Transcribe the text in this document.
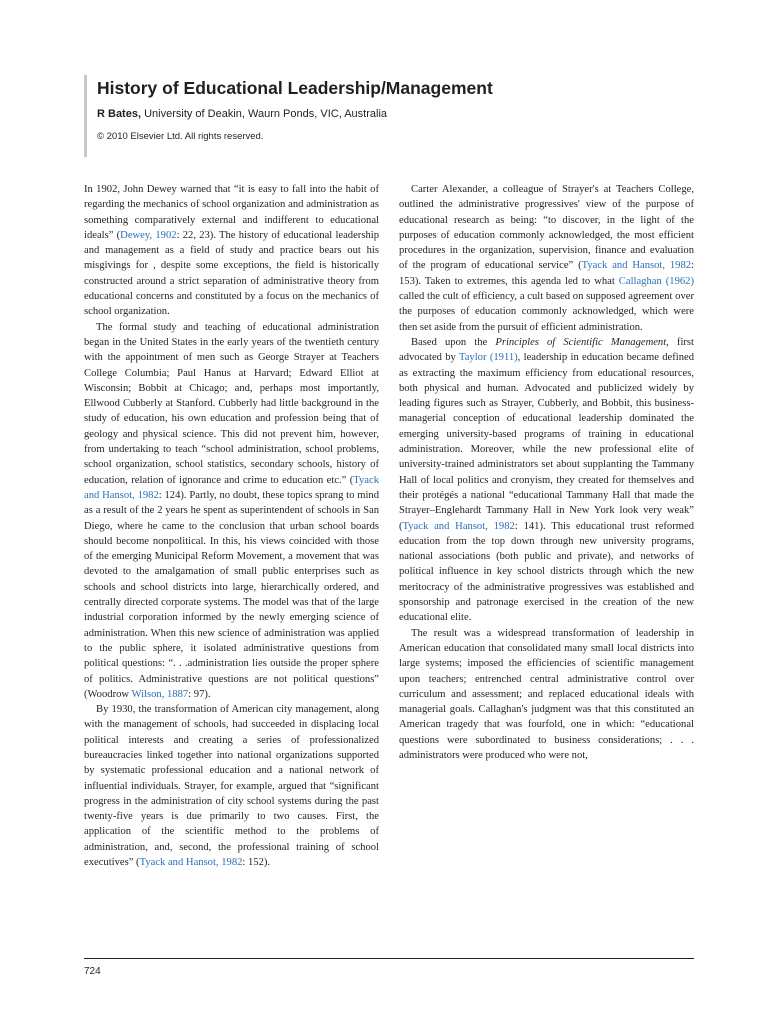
History of Educational Leadership/Management
R Bates, University of Deakin, Waurn Ponds, VIC, Australia
© 2010 Elsevier Ltd. All rights reserved.

In 1902, John Dewey warned that “it is easy to fall into the habit of regarding the mechanics of school organization and administration as something comparatively external and indifferent to educational ideals” (Dewey, 1902: 22, 23). The history of educational leadership and management as a field of study and practice bears out his misgivings for , despite some exceptions, the field is historically constructed around a strict separation of administrative theory from educational concerns and constituted by a focus on the mechanics of school organization.

The formal study and teaching of educational administration began in the United States in the early years of the twentieth century with the appointment of men such as George Strayer at Teachers College Columbia; Paul Hanus at Harvard; Edward Elliot at Wisconsin; Bobbit at Chicago; and, perhaps most importantly, Ellwood Cubberly at Stanford. Cubberly had little background in the study of education, his own education and profession being that of geology and physical science. This did not prevent him, however, from undertaking to teach “school administration, school problems, school organization, school statistics, secondary schools, history of education, relation of ignorance and crime to education etc.” (Tyack and Hansot, 1982: 124). Partly, no doubt, these topics sprang to mind as a result of the 2 years he spent as superintendent of schools in San Diego, where he came to the conclusion that urban school boards should become nonpolitical. In this, his views coincided with those of the emerging Municipal Reform Movement, a movement that was devoted to the amalgamation of small public enterprises such as schools and school districts into large, hierarchically ordered, and centrally directed corporate systems. The model was that of the large industrial corporation informed by the newly emerging science of administration. When this new science of administration was applied to the public sphere, it isolated administrative questions from political questions: “. . .administration lies outside the proper sphere of politics. Administrative questions are not political questions” (Woodrow Wilson, 1887: 97).

By 1930, the transformation of American city management, along with the management of schools, had succeeded in displacing local political interests and creating a series of professionalized bureaucracies linked together into national organizations supported by systematic professional education and a national network of influential individuals. Strayer, for example, argued that “significant progress in the administration of city school systems during the past twenty-five years is due primarily to two causes. First, the application of the scientific method to the problems of administration, and, second, the professional training of school executives” (Tyack and Hansot, 1982: 152).

Carter Alexander, a colleague of Strayer's at Teachers College, outlined the administrative progressives' view of the purpose of educational research as being: “to discover, in the light of the purposes of education commonly acknowledged, the most efficient procedures in the organization, supervision, finance and evaluation of the program of educational service” (Tyack and Hansot, 1982: 153). Taken to extremes, this agenda led to what Callaghan (1962) called the cult of efficiency, a cult based on supposed agreement over the purposes of education commonly acknowledged, which were then set aside from the pursuit of efficient administration.

Based upon the Principles of Scientific Management, first advocated by Taylor (1911), leadership in education became defined as extracting the maximum efficiency from educational resources, both physical and human. Advocated and publicized widely by leading figures such as Strayer, Cubberly, and Bobbit, this business-managerial conception of educational leadership dominated the emerging university-based programs of training in educational administration. Moreover, while the new professional elite of university-trained administrators set about supplanting the Tammany Hall of local politics and cronyism, they created for themselves and their protégés a national “educational Tammany Hall that made the Strayer–Englehardt Tammany Hall in New York look very weak” (Tyack and Hansot, 1982: 141). This educational trust reformed education from the top down through new university programs, national associations (both public and private), and networks of political influence in key school districts through which the new meritocracy of the administrative progressives was established and sponsorship and patronage exercised in the creation of the new educational elite.

The result was a widespread transformation of leadership in American education that consolidated many small local districts into large systems; imposed the efficiencies of scientific management upon teachers; entrenched central administrative control over curriculum and assessment; and replaced educational ideals with managerial goals. Callaghan's judgment was that this constituted an American tragedy that was fourfold, one in which: “educational questions were subordinated to business considerations; . . . administrators were produced who were not,

724
